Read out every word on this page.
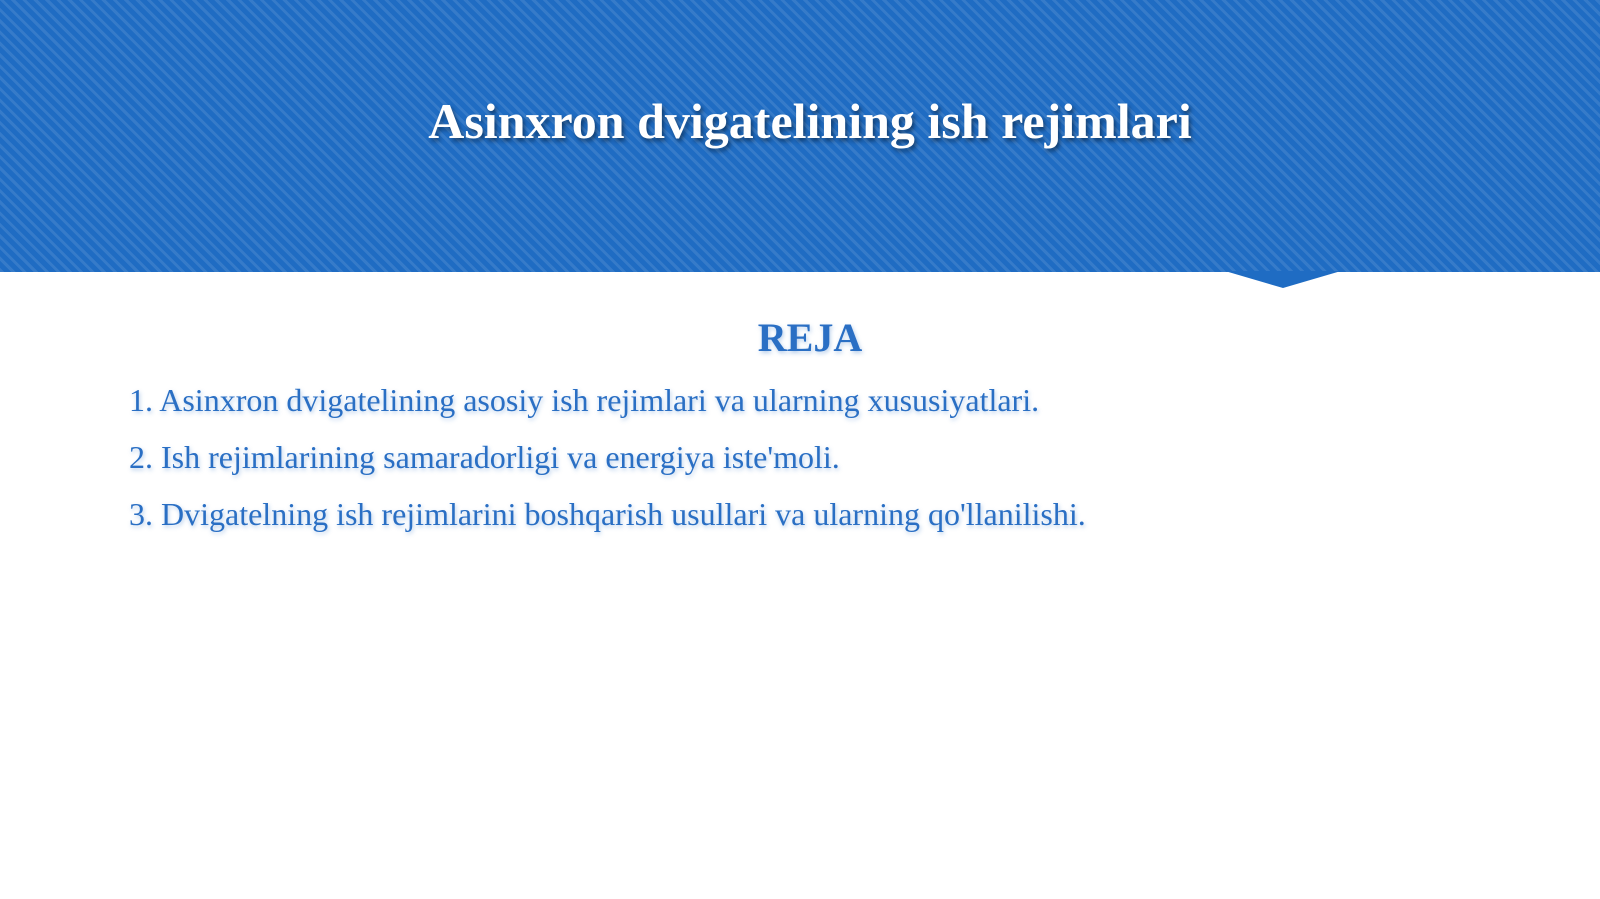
Asinxron dvigatelining ish rejimlari
REJA
1. Asinxron dvigatelining asosiy ish rejimlari va ularning xususiyatlari.
2. Ish rejimlarining samaradorligi va energiya iste'moli.
3. Dvigatelning ish rejimlarini boshqarish usullari va ularning qo'llanilishi.
